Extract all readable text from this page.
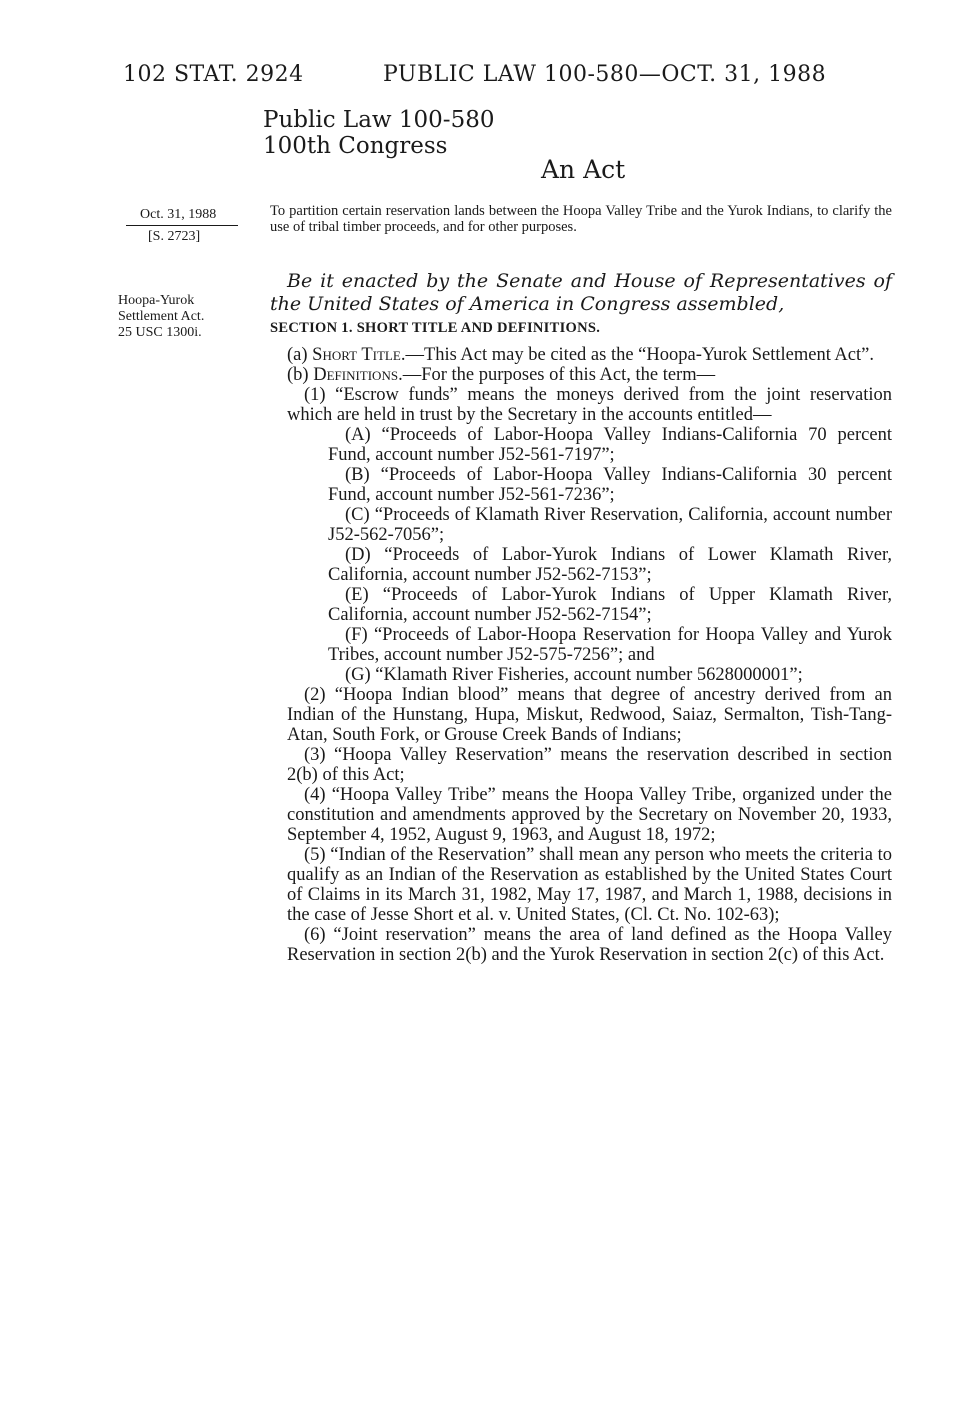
102 STAT. 2924	PUBLIC LAW 100-580—OCT. 31, 1988
Public Law 100-580
100th Congress
An Act
Oct. 31, 1988
[S. 2723]
Hoopa-Yurok
Settlement Act.
25 USC 1300i.
To partition certain reservation lands between the Hoopa Valley Tribe and the Yurok Indians, to clarify the use of tribal timber proceeds, and for other purposes.
Be it enacted by the Senate and House of Representatives of the United States of America in Congress assembled,
SECTION 1. SHORT TITLE AND DEFINITIONS.

(a) Short Title.—This Act may be cited as the “Hoopa-Yurok Settlement Act”.

(b) Definitions.—For the purposes of this Act, the term—

(1) “Escrow funds” means the moneys derived from the joint reservation which are held in trust by the Secretary in the accounts entitled—

(A) “Proceeds of Labor-Hoopa Valley Indians-California 70 percent Fund, account number J52-561-7197”;

(B) “Proceeds of Labor-Hoopa Valley Indians-California 30 percent Fund, account number J52-561-7236”;

(C) “Proceeds of Klamath River Reservation, California, account number J52-562-7056”;

(D) “Proceeds of Labor-Yurok Indians of Lower Klamath River, California, account number J52-562-7153”;

(E) “Proceeds of Labor-Yurok Indians of Upper Klamath River, California, account number J52-562-7154”;

(F) “Proceeds of Labor-Hoopa Reservation for Hoopa Valley and Yurok Tribes, account number J52-575-7256”; and

(G) “Klamath River Fisheries, account number 5628000001”;

(2) “Hoopa Indian blood” means that degree of ancestry derived from an Indian of the Hunstang, Hupa, Miskut, Redwood, Saiaz, Sermalton, Tish-Tang-Atan, South Fork, or Grouse Creek Bands of Indians;

(3) “Hoopa Valley Reservation” means the reservation described in section 2(b) of this Act;

(4) “Hoopa Valley Tribe” means the Hoopa Valley Tribe, organized under the constitution and amendments approved by the Secretary on November 20, 1933, September 4, 1952, August 9, 1963, and August 18, 1972;

(5) “Indian of the Reservation” shall mean any person who meets the criteria to qualify as an Indian of the Reservation as established by the United States Court of Claims in its March 31, 1982, May 17, 1987, and March 1, 1988, decisions in the case of Jesse Short et al. v. United States, (Cl. Ct. No. 102-63);

(6) “Joint reservation” means the area of land defined as the Hoopa Valley Reservation in section 2(b) and the Yurok Reservation in section 2(c) of this Act.
